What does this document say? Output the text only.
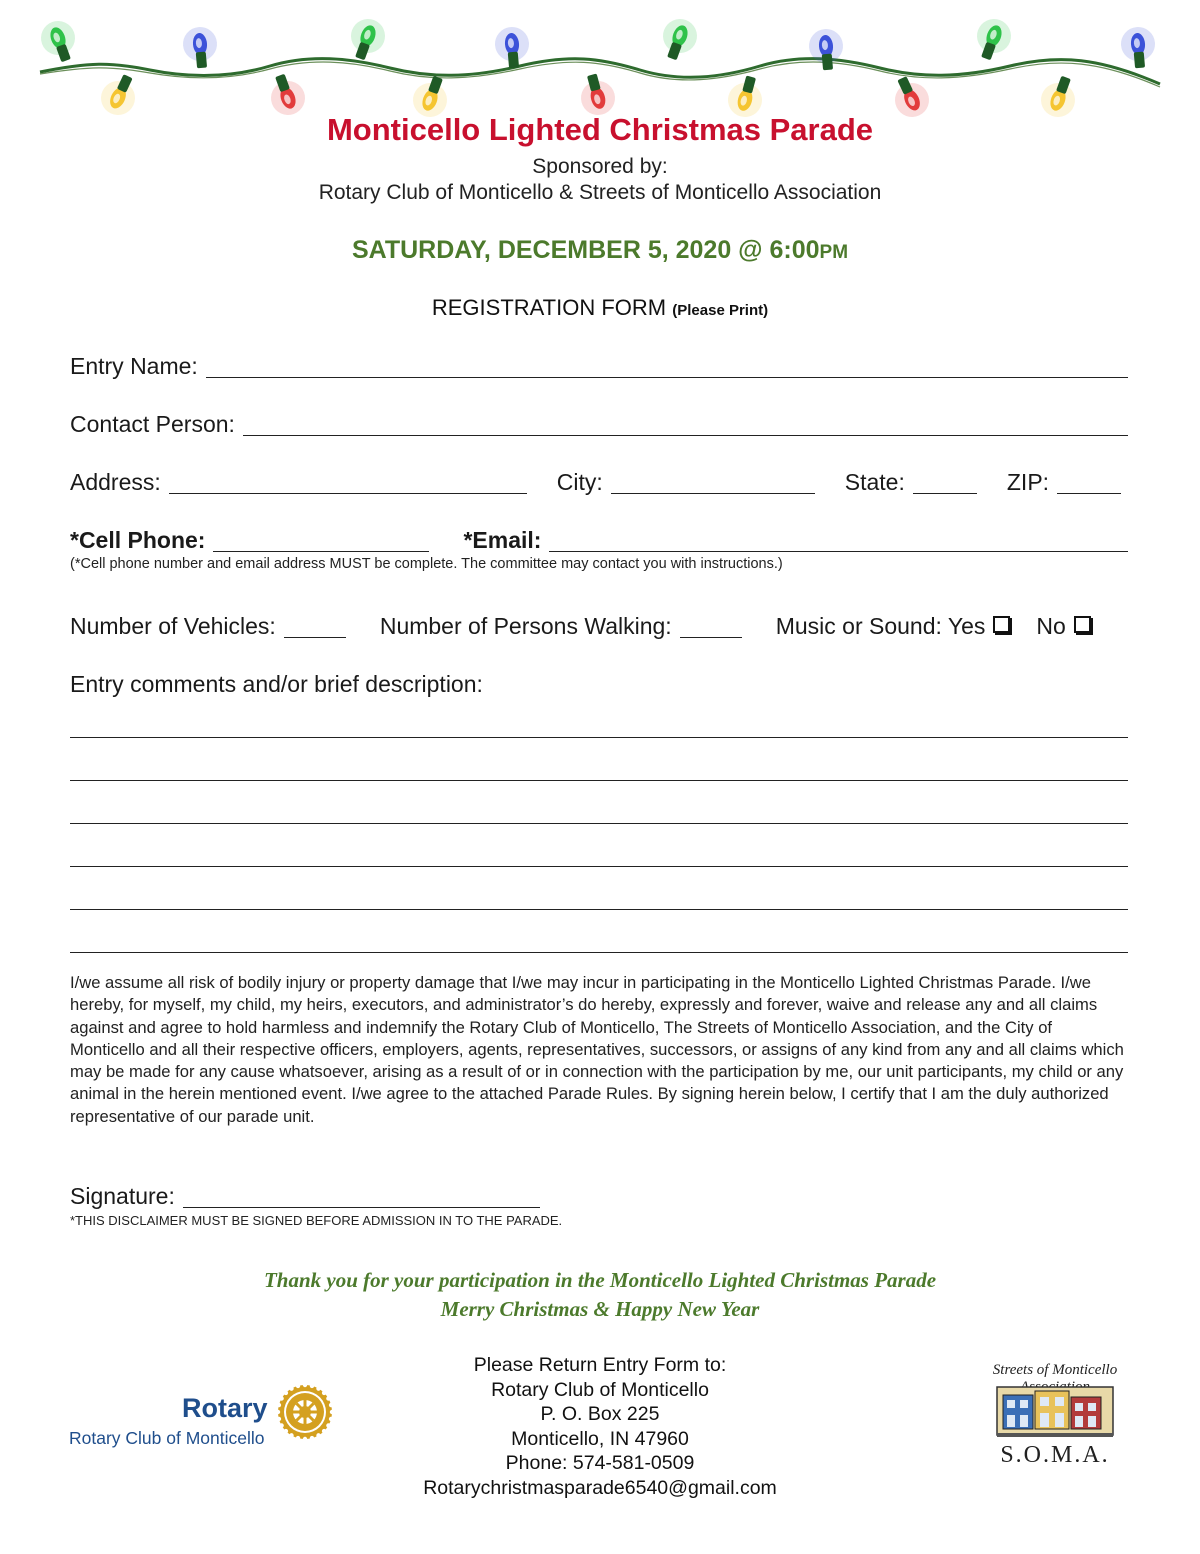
Monticello Lighted Christmas Parade
Sponsored by:
Rotary Club of Monticello & Streets of Monticello Association
SATURDAY, DECEMBER 5, 2020 @ 6:00PM
REGISTRATION FORM (Please Print)
Entry Name:
Contact Person:
Address:	City:	State:	ZIP:
*Cell Phone:	*Email:
(*Cell phone number and email address MUST be complete. The committee may contact you with instructions.)
Number of Vehicles:	Number of Persons Walking:	Music or Sound: Yes No
Entry comments and/or brief description:
I/we assume all risk of bodily injury or property damage that I/we may incur in participating in the Monticello Lighted Christmas Parade. I/we hereby, for myself, my child, my heirs, executors, and administrator’s do hereby, expressly and forever, waive and release any and all claims against and agree to hold harmless and indemnify the Rotary Club of Monticello, The Streets of Monticello Association, and the City of Monticello and all their respective officers, employers, agents, representatives, successors, or assigns of any kind from any and all claims which may be made for any cause whatsoever, arising as a result of or in connection with the participation by me, our unit participants, my child or any animal in the herein mentioned event. I/we agree to the attached Parade Rules. By signing herein below, I certify that I am the duly authorized representative of our parade unit.
Signature:
*THIS DISCLAIMER MUST BE SIGNED BEFORE ADMISSION IN TO THE PARADE.
Thank you for your participation in the Monticello Lighted Christmas Parade
Merry Christmas & Happy New Year
Please Return Entry Form to:
Rotary Club of Monticello
P. O. Box 225
Monticello, IN 47960
Phone: 574-581-0509
Rotarychristmasparade6540@gmail.com
Rotary
Rotary Club of Monticello
Streets of Monticello
S.O.M.A.
